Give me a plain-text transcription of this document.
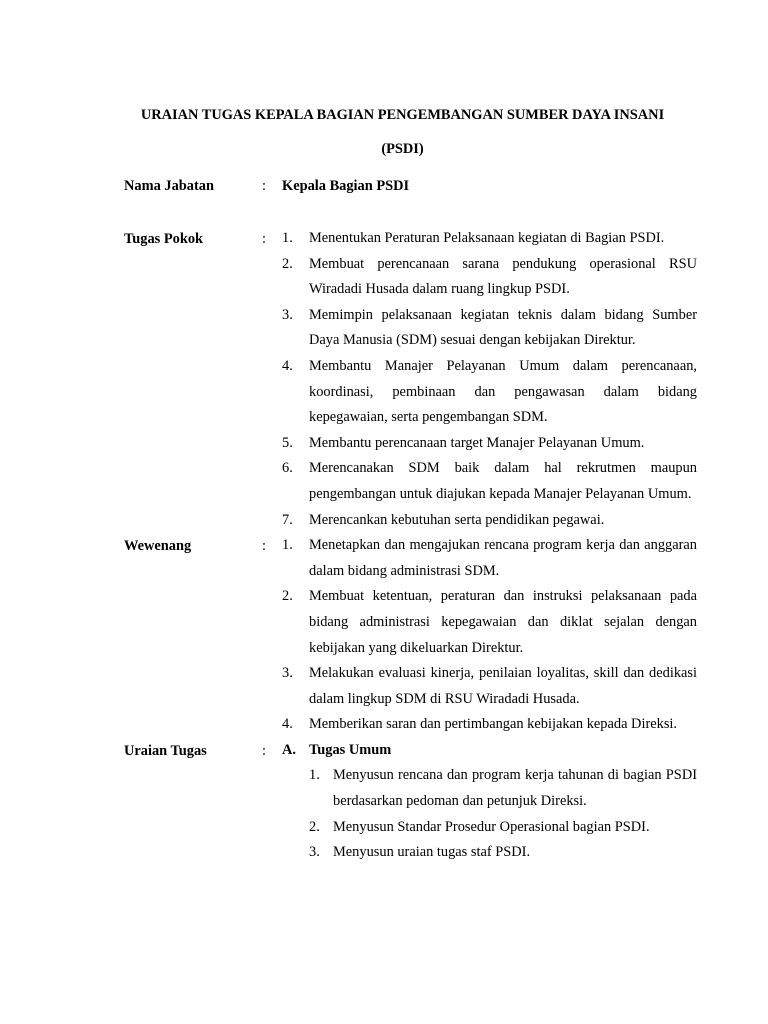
URAIAN TUGAS KEPALA BAGIAN PENGEMBANGAN SUMBER DAYA INSANI
(PSDI)
Nama Jabatan	: Kepala Bagian PSDI
Tugas Pokok	: 1.	Menentukan Peraturan Pelaksanaan kegiatan di Bagian PSDI.
2.	Membuat perencanaan sarana pendukung operasional RSU Wiradadi Husada dalam ruang lingkup PSDI.
3.	Memimpin pelaksanaan kegiatan teknis dalam bidang Sumber Daya Manusia (SDM) sesuai dengan kebijakan Direktur.
4.	Membantu Manajer Pelayanan Umum dalam perencanaan, koordinasi, pembinaan dan pengawasan dalam bidang kepegawaian, serta pengembangan SDM.
5.	Membantu perencanaan target Manajer Pelayanan Umum.
6.	Merencanakan SDM baik dalam hal rekrutmen maupun pengembangan untuk diajukan kepada Manajer Pelayanan Umum.
7.	Merencankan kebutuhan serta pendidikan pegawai.
Wewenang	: 1.	Menetapkan dan mengajukan rencana program kerja dan anggaran dalam bidang administrasi SDM.
2.	Membuat ketentuan, peraturan dan instruksi pelaksanaan pada bidang administrasi kepegawaian dan diklat sejalan dengan kebijakan yang dikeluarkan Direktur.
3.	Melakukan evaluasi kinerja, penilaian loyalitas, skill dan dedikasi dalam lingkup SDM di RSU Wiradadi Husada.
4.	Memberikan saran dan pertimbangan kebijakan kepada Direksi.
Uraian Tugas	: A. Tugas Umum
1. Menyusun rencana dan program kerja tahunan di bagian PSDI berdasarkan pedoman dan petunjuk Direksi.
2. Menyusun Standar Prosedur Operasional bagian PSDI.
3. Menyusun uraian tugas staf PSDI.
